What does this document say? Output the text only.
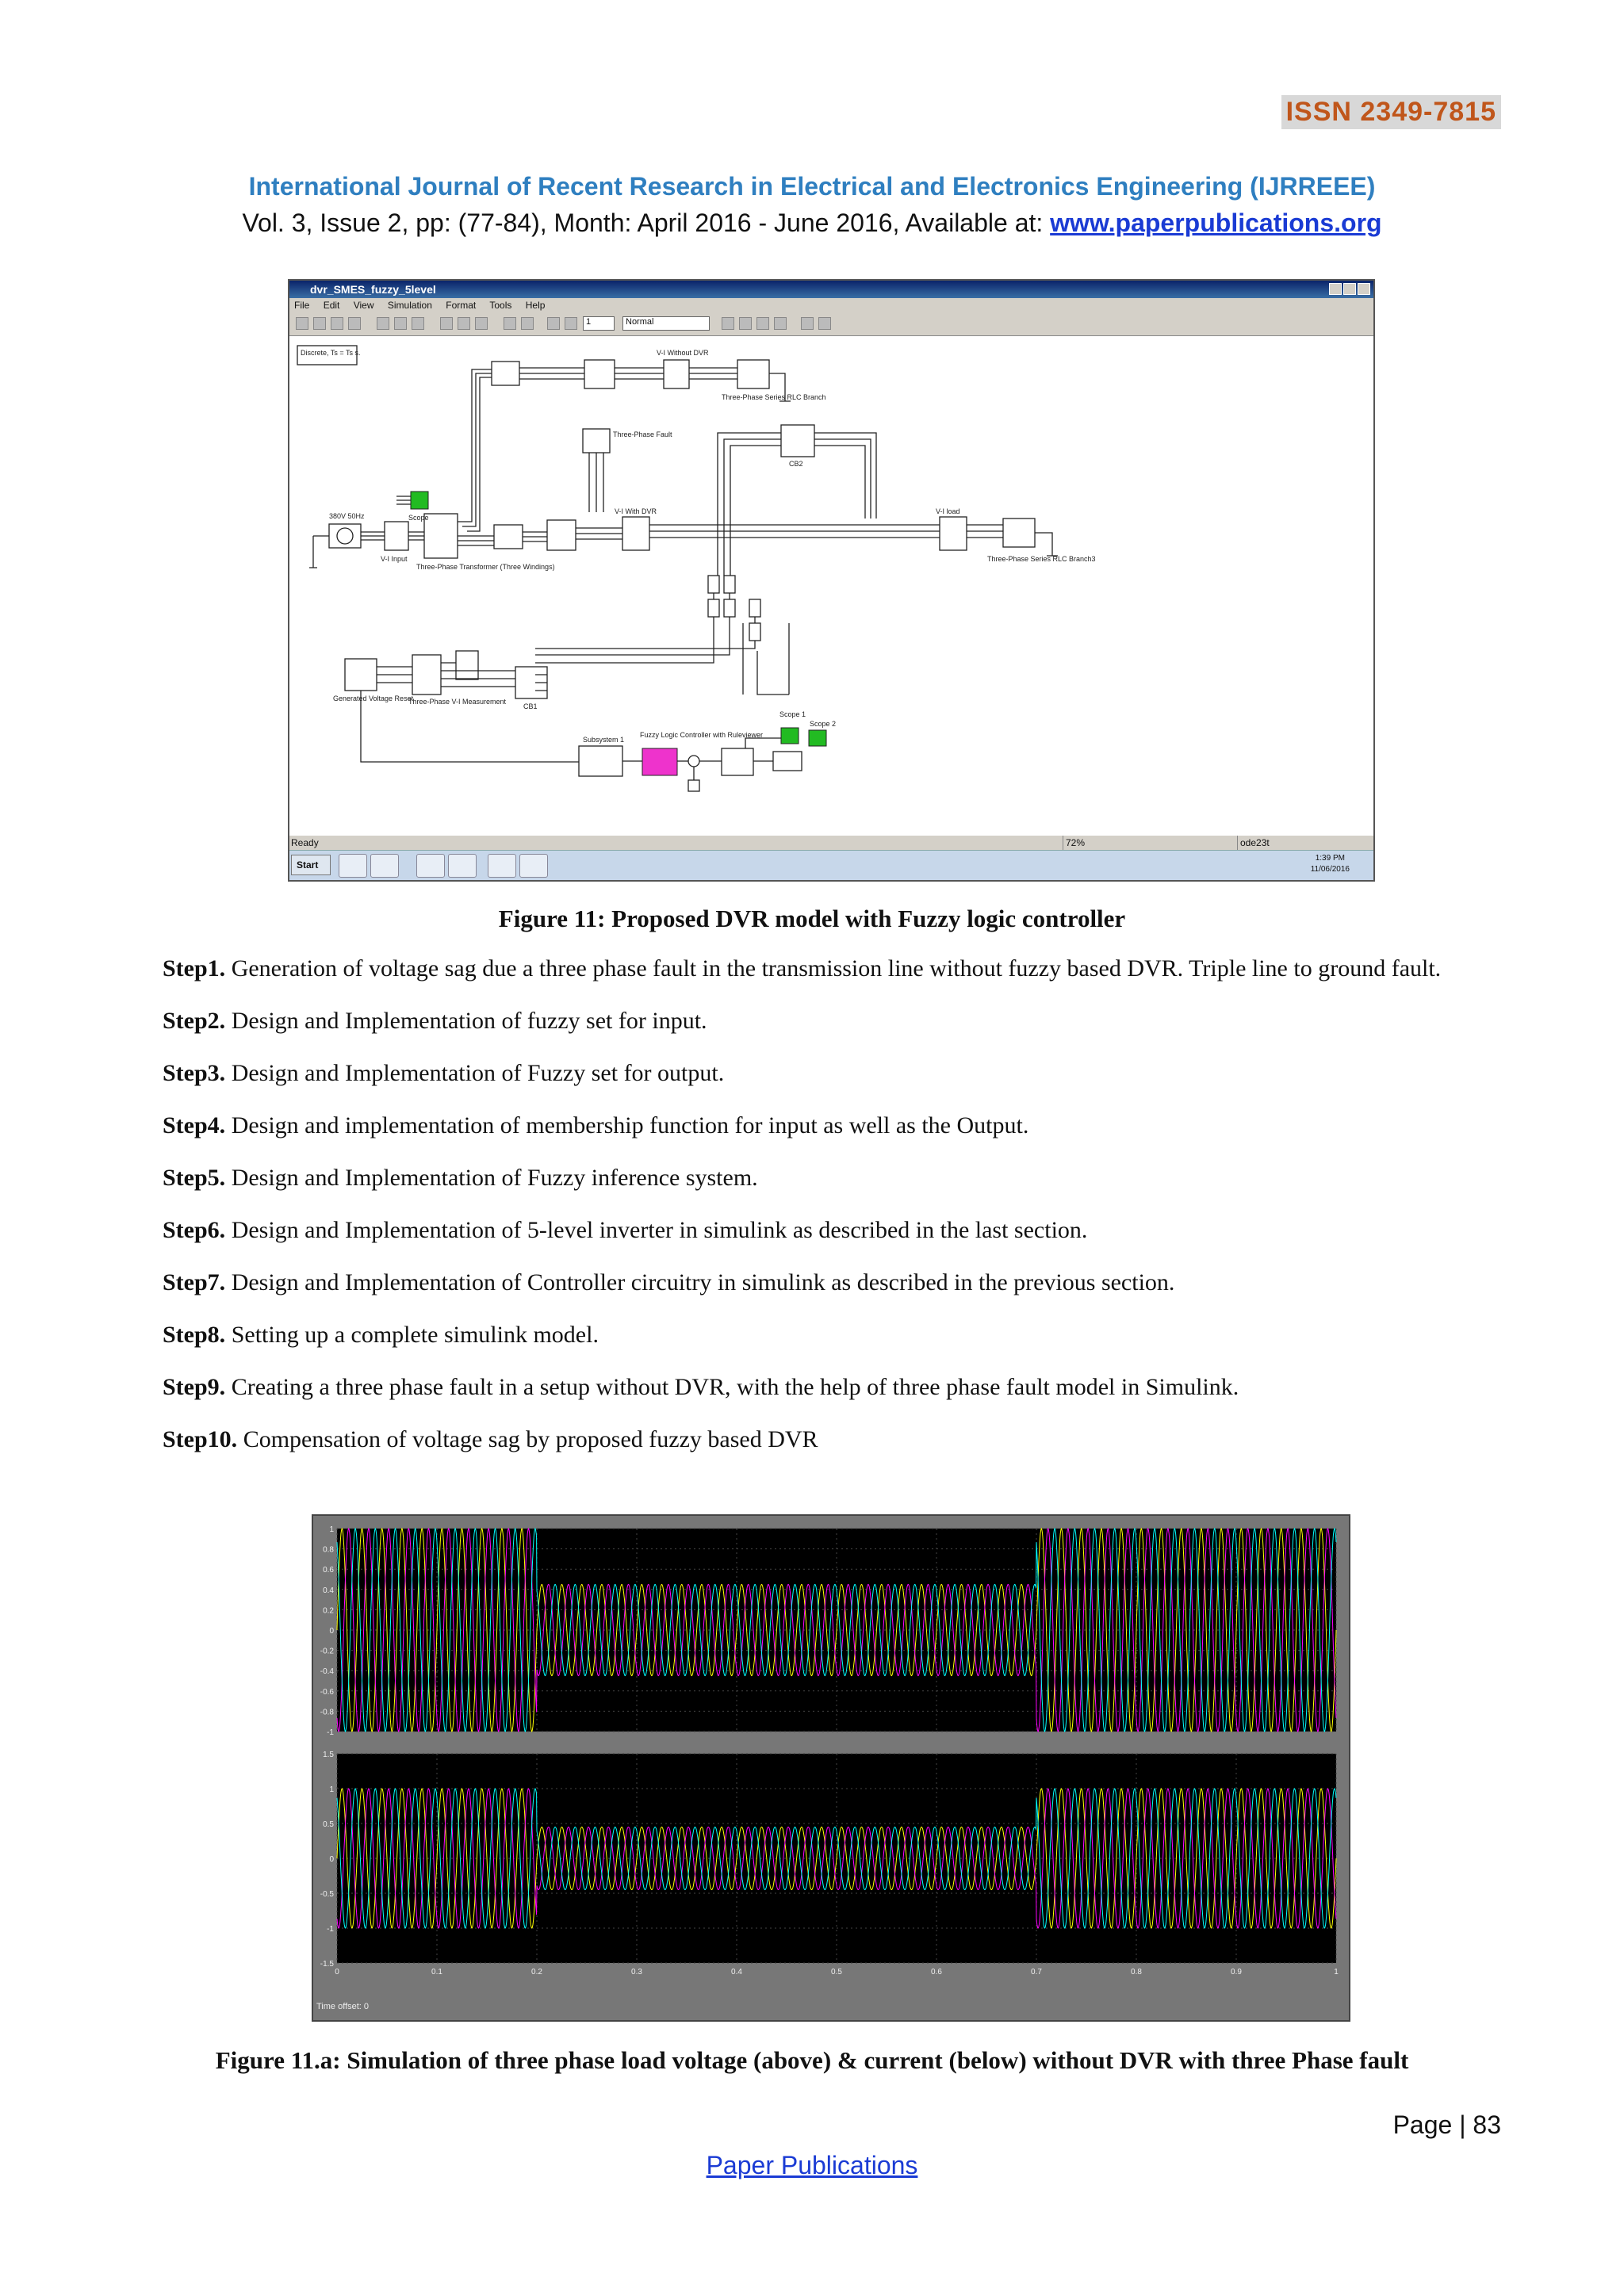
ISSN 2349-7815
International Journal of Recent Research in Electrical and Electronics Engineering (IJRREEE)
Vol. 3, Issue 2, pp: (77-84), Month: April 2016 - June 2016, Available at: www.paperpublications.org
dvr_SMES_fuzzy_5level
File Edit View Simulation Format Tools Help
1	Normal
Discrete, Ts = Ts s.
380V 50Hz
V-I Input
Three-Phase Transformer (Three Windings)
V-I Without DVR
Three-Phase Series RLC Branch
Three-Phase Fault
CB2
V-I With DVR	V-I load
Three-Phase Series RLC Branch3
Scope
Generated Voltage Reset
Three-Phase V-I Measurement
CB1
Subsystem 1
Fuzzy Logic Controller with Ruleviewer
Scope 1
Scope 2
Ready	72%	ode23t
Start
1:39 PM
11/06/2016
Figure 11: Proposed DVR model with Fuzzy logic controller
Step1. Generation of voltage sag due a three phase fault in the transmission line without fuzzy based DVR. Triple line to ground fault.
Step2. Design and Implementation of fuzzy set for input.
Step3. Design and Implementation of Fuzzy set for output.
Step4. Design and implementation of membership function for input as well as the Output.
Step5. Design and Implementation of Fuzzy inference system.
Step6. Design and Implementation of 5-level inverter in simulink as described in the last section.
Step7. Design and Implementation of Controller circuitry in simulink as described in the previous section.
Step8. Setting up a complete simulink model.
Step9. Creating a three phase fault in a setup without DVR, with the help of three phase fault model in Simulink.
Step10. Compensation of voltage sag by proposed fuzzy based DVR
1
0.8
0.6
0.4
0.2
0
-0.2
-0.4
-0.6
-0.8
-1
1.5
1
0.5
0
-0.5
-1
-1.5
0	0.1	0.2	0.3	0.4	0.5	0.6	0.7	0.8	0.9	1
Time offset: 0
Figure 11.a: Simulation of three phase load voltage (above) & current (below) without DVR with three Phase fault
Page | 83
Paper Publications
